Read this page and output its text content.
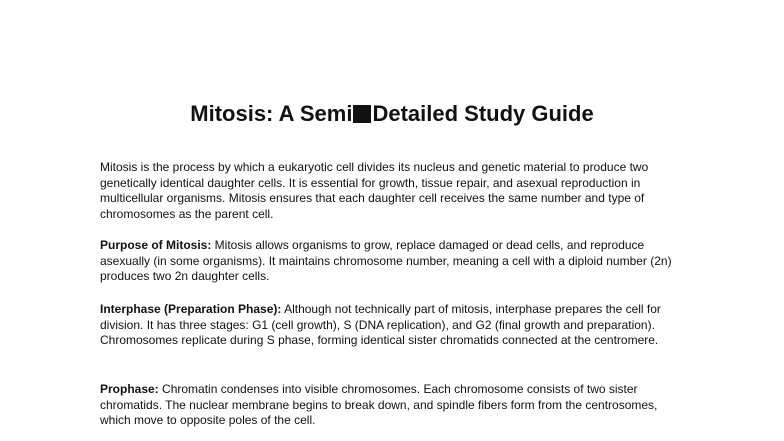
Mitosis: A Semi Detailed Study Guide

Mitosis is the process by which a eukaryotic cell divides its nucleus and genetic material to produce two genetically identical daughter cells. It is essential for growth, tissue repair, and asexual reproduction in multicellular organisms. Mitosis ensures that each daughter cell receives the same number and type of chromosomes as the parent cell.

Purpose of Mitosis: Mitosis allows organisms to grow, replace damaged or dead cells, and reproduce asexually (in some organisms). It maintains chromosome number, meaning a cell with a diploid number (2n) produces two 2n daughter cells.

Interphase (Preparation Phase): Although not technically part of mitosis, interphase prepares the cell for division. It has three stages: G1 (cell growth), S (DNA replication), and G2 (final growth and preparation). Chromosomes replicate during S phase, forming identical sister chromatids connected at the centromere.

Prophase: Chromatin condenses into visible chromosomes. Each chromosome consists of two sister chromatids. The nuclear membrane begins to break down, and spindle fibers form from the centrosomes, which move to opposite poles of the cell.
